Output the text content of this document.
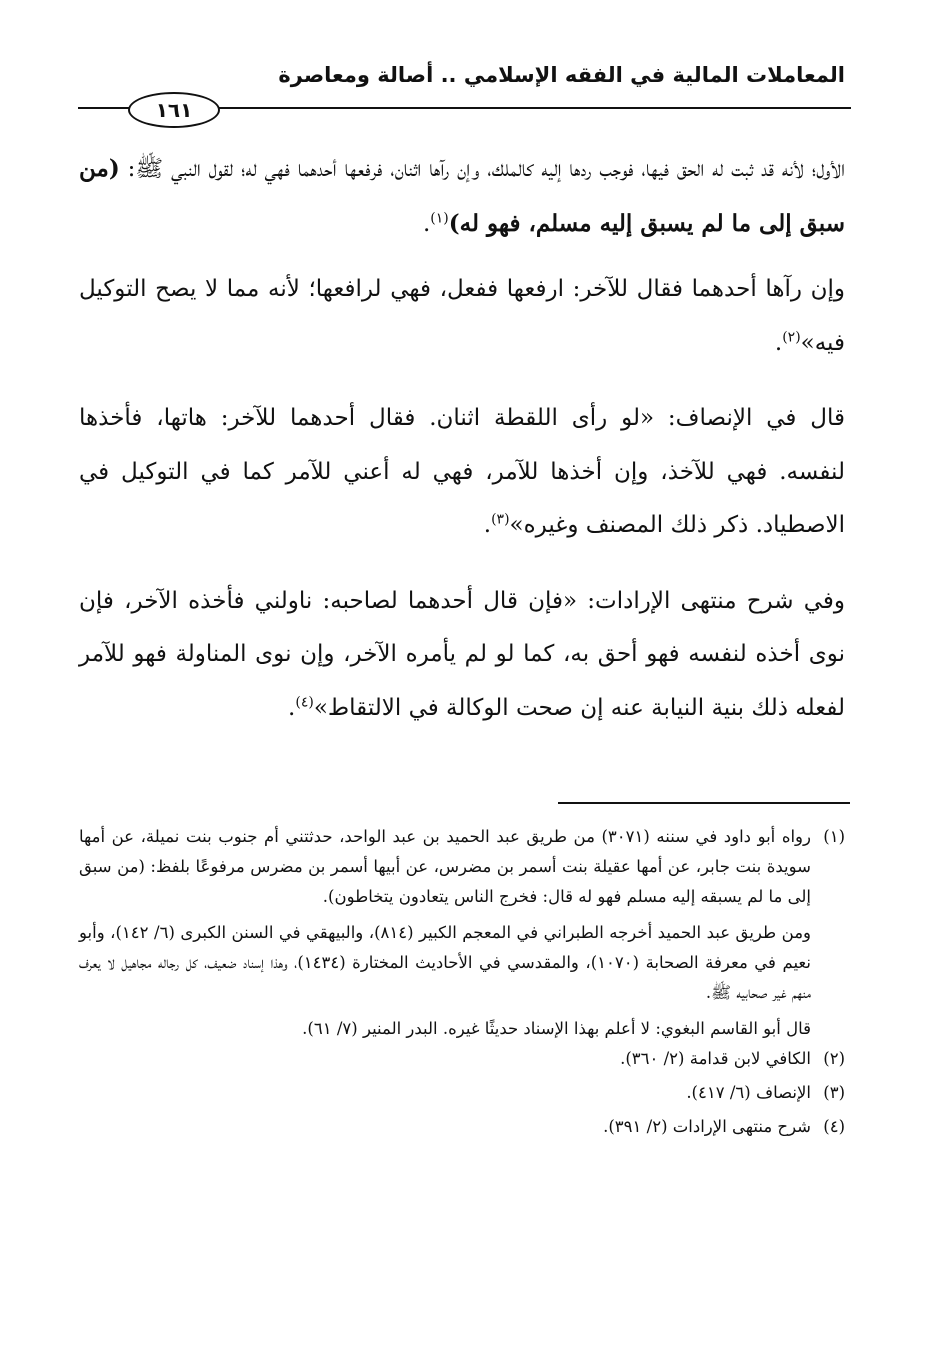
المعاملات المالية في الفقه الإسلامي .. أصالة ومعاصرة
١٦١

الأول؛ لأنه قد ثبت له الحق فيها، فوجب ردها إليه كالملك، وإن رآها اثنان، فرفعها أحدهما فهي له؛ لقول النبي ﷺ: (من سبق إلى ما لم يسبق إليه مسلم، فهو له)$^{(١)}$.

وإن رآها أحدهما فقال للآخر: ارفعها ففعل، فهي لرافعها؛ لأنه مما لا يصح التوكيل فيه»$^{(٢)}$.

قال في الإنصاف: «لو رأى اللقطة اثنان. فقال أحدهما للآخر: هاتها، فأخذها لنفسه. فهي للآخذ، وإن أخذها للآمر، فهي له أعني للآمر كما في التوكيل في الاصطياد. ذكر ذلك المصنف وغيره»$^{(٣)}$.

وفي شرح منتهى الإرادات: «فإن قال أحدهما لصاحبه: ناولني فأخذه الآخر، فإن نوى أخذه لنفسه فهو أحق به، كما لو لم يأمره الآخر، وإن نوى المناولة فهو للآمر لفعله ذلك بنية النيابة عنه إن صحت الوكالة في الالتقاط»$^{(٤)}$.

(١)
رواه أبو داود في سننه (٣٠٧١) من طريق عبد الحميد بن عبد الواحد، حدثتني أم جنوب بنت نميلة، عن أمها سويدة بنت جابر، عن أمها عقيلة بنت أسمر بن مضرس، عن أبيها أسمر بن مضرس مرفوعًا بلفظ: (من سبق إلى ما لم يسبقه إليه مسلم فهو له قال: فخرج الناس يتعادون يتخاطون).
ومن طريق عبد الحميد أخرجه الطبراني في المعجم الكبير (٨١٤)، والبيهقي في السنن الكبرى (٦/ ١٤٢)، وأبو نعيم في معرفة الصحابة (١٠٧٠)، والمقدسي في الأحاديث المختارة (١٤٣٤)، وهذا إسناد ضعيف، كل رجاله مجاهيل لا يعرف منهم غير صحابيه ﷺ.
قال أبو القاسم البغوي: لا أعلم بهذا الإسناد حديثًا غيره. البدر المنير (٧/ ٦١).
(٢)
الكافي لابن قدامة (٢/ ٣٦٠).
(٣)
الإنصاف (٦/ ٤١٧).
(٤)
شرح منتهى الإرادات (٢/ ٣٩١).
